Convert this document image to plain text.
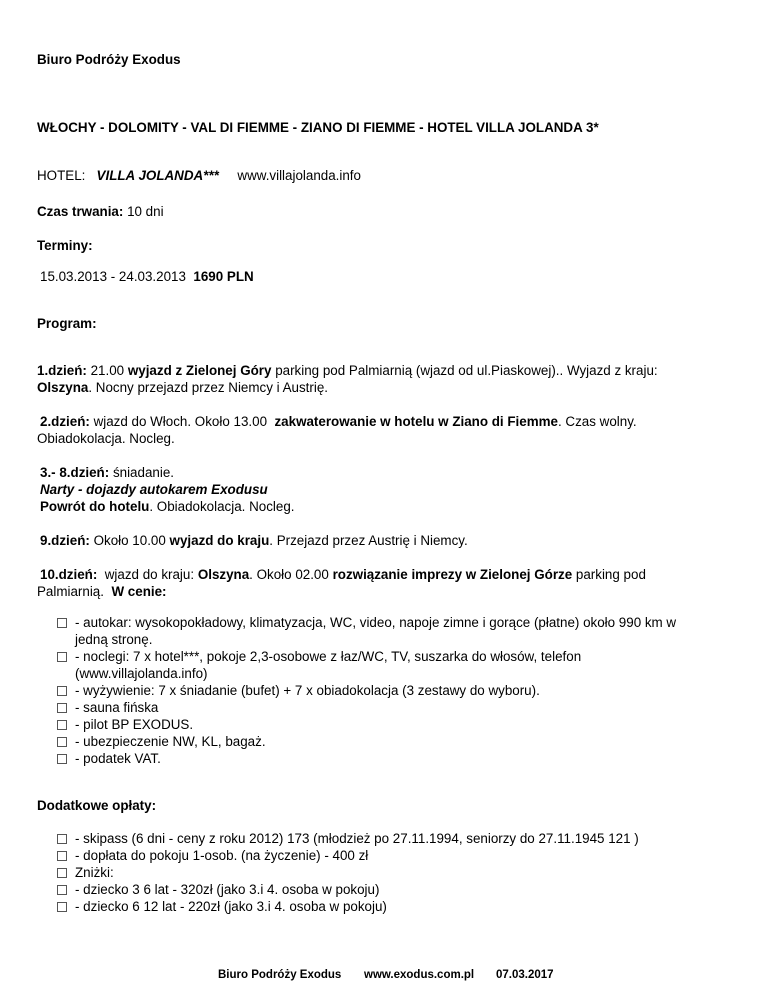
Biuro Podróży Exodus
WŁOCHY - DOLOMITY - VAL DI FIEMME - ZIANO DI FIEMME - HOTEL VILLA JOLANDA 3*
HOTEL: VILLA JOLANDA*** www.villajolanda.info
Czas trwania: 10 dni
Terminy:
15.03.2013 - 24.03.2013 1690 PLN
Program:
1.dzień: 21.00 wyjazd z Zielonej Góry parking pod Palmiarnią (wjazd od ul.Piaskowej).. Wyjazd z kraju:
Olszyna. Nocny przejazd przez Niemcy i Austrię.
2.dzień: wjazd do Włoch. Około 13.00 zakwaterowanie w hotelu w Ziano di Fiemme. Czas wolny.
Obiadokolacja. Nocleg.
3.- 8.dzień: śniadanie.
Narty - dojazdy autokarem Exodusu
Powrót do hotelu. Obiadokolacja. Nocleg.
9.dzień: Około 10.00 wyjazd do kraju. Przejazd przez Austrię i Niemcy.
10.dzień: wjazd do kraju: Olszyna. Około 02.00 rozwiązanie imprezy w Zielonej Górze parking pod
Palmiarnią. W cenie:
- autokar: wysokopokładowy, klimatyzacja, WC, video, napoje zimne i gorące (płatne) około 990 km w
jedną stronę.
- noclegi: 7 x hotel***, pokoje 2,3-osobowe z łaz/WC, TV, suszarka do włosów, telefon
(www.villajolanda.info)
- wyżywienie: 7 x śniadanie (bufet) + 7 x obiadokolacja (3 zestawy do wyboru).
- sauna fińska
- pilot BP EXODUS.
- ubezpieczenie NW, KL, bagaż.
- podatek VAT.
Dodatkowe opłaty:
- skipass (6 dni - ceny z roku 2012) 173 (młodzież po 27.11.1994, seniorzy do 27.11.1945 121 )
- dopłata do pokoju 1-osob. (na życzenie) - 400 zł
Zniżki:
- dziecko 3 6 lat - 320zł (jako 3.i 4. osoba w pokoju)
- dziecko 6 12 lat - 220zł (jako 3.i 4. osoba w pokoju)
Biuro Podróży Exodus www.exodus.com.pl 07.03.2017
